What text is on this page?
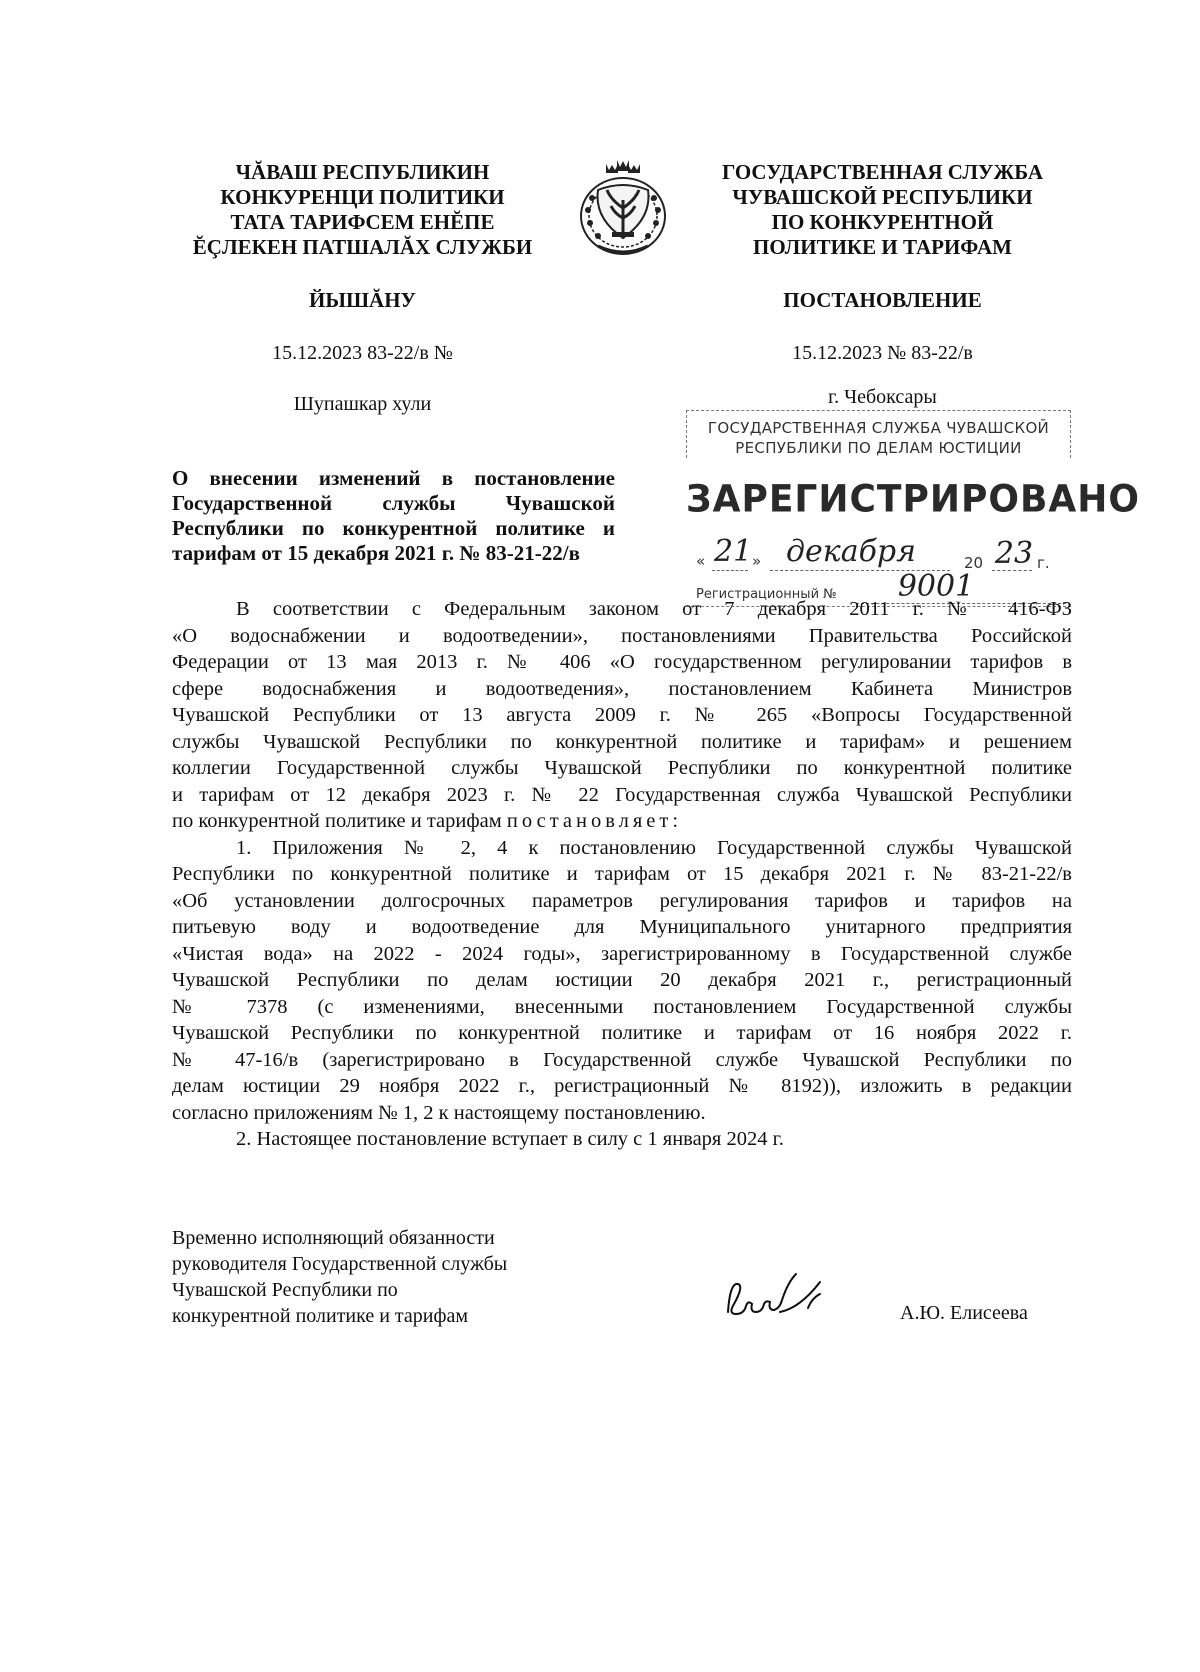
ЧĂВАШ РЕСПУБЛИКИН
КОНКУРЕНЦИ ПОЛИТИКИ
ТАТА ТАРИФСЕМ ЕНĔПЕ
ĔÇЛЕКЕН ПАТШАЛĂХ СЛУЖБИ
ГОСУДАРСТВЕННАЯ СЛУЖБА
ЧУВАШСКОЙ РЕСПУБЛИКИ
ПО КОНКУРЕНТНОЙ
ПОЛИТИКЕ И ТАРИФАМ
ЙЫШĂНУ	ПОСТАНОВЛЕНИЕ
15.12.2023 83-22/в №	15.12.2023 № 83-22/в
Шупашкар хули	г. Чебоксары
ГОСУДАРСТВЕННАЯ СЛУЖБА ЧУВАШСКОЙ
РЕСПУБЛИКИ ПО ДЕЛАМ ЮСТИЦИИ
ЗАРЕГИСТРИРОВАНО
« 21 » декабря	20 23 г.
Регистрационный №	9001
О внесении изменений в постановление
Государственной службы Чувашской
Республики по конкурентной политике и
тарифам от 15 декабря 2021 г. № 83-21-22/в
В соответствии с Федеральным законом от 7 декабря 2011 г. № 416-ФЗ
«О водоснабжении и водоотведении», постановлениями Правительства Российской
Федерации от 13 мая 2013 г. № 406 «О государственном регулировании тарифов в
сфере водоснабжения и водоотведения», постановлением Кабинета Министров
Чувашской Республики от 13 августа 2009 г. № 265 «Вопросы Государственной
службы Чувашской Республики по конкурентной политике и тарифам» и решением
коллегии Государственной службы Чувашской Республики по конкурентной политике
и тарифам от 12 декабря 2023 г. № 22 Государственная служба Чувашской Республики
по конкурентной политике и тарифам постановляет:
1. Приложения № 2, 4 к постановлению Государственной службы Чувашской
Республики по конкурентной политике и тарифам от 15 декабря 2021 г. № 83-21-22/в
«Об установлении долгосрочных параметров регулирования тарифов и тарифов на
питьевую воду и водоотведение для Муниципального унитарного предприятия
«Чистая вода» на 2022 - 2024 годы», зарегистрированному в Государственной службе
Чувашской Республики по делам юстиции 20 декабря 2021 г., регистрационный
№ 7378 (с изменениями, внесенными постановлением Государственной службы
Чувашской Республики по конкурентной политике и тарифам от 16 ноября 2022 г.
№ 47-16/в (зарегистрировано в Государственной службе Чувашской Республики по
делам юстиции 29 ноября 2022 г., регистрационный № 8192)), изложить в редакции
согласно приложениям № 1, 2 к настоящему постановлению.
2. Настоящее постановление вступает в силу с 1 января 2024 г.
Временно исполняющий обязанности
руководителя Государственной службы
Чувашской Республики по
конкурентной политике и тарифам	А.Ю. Елисеева
